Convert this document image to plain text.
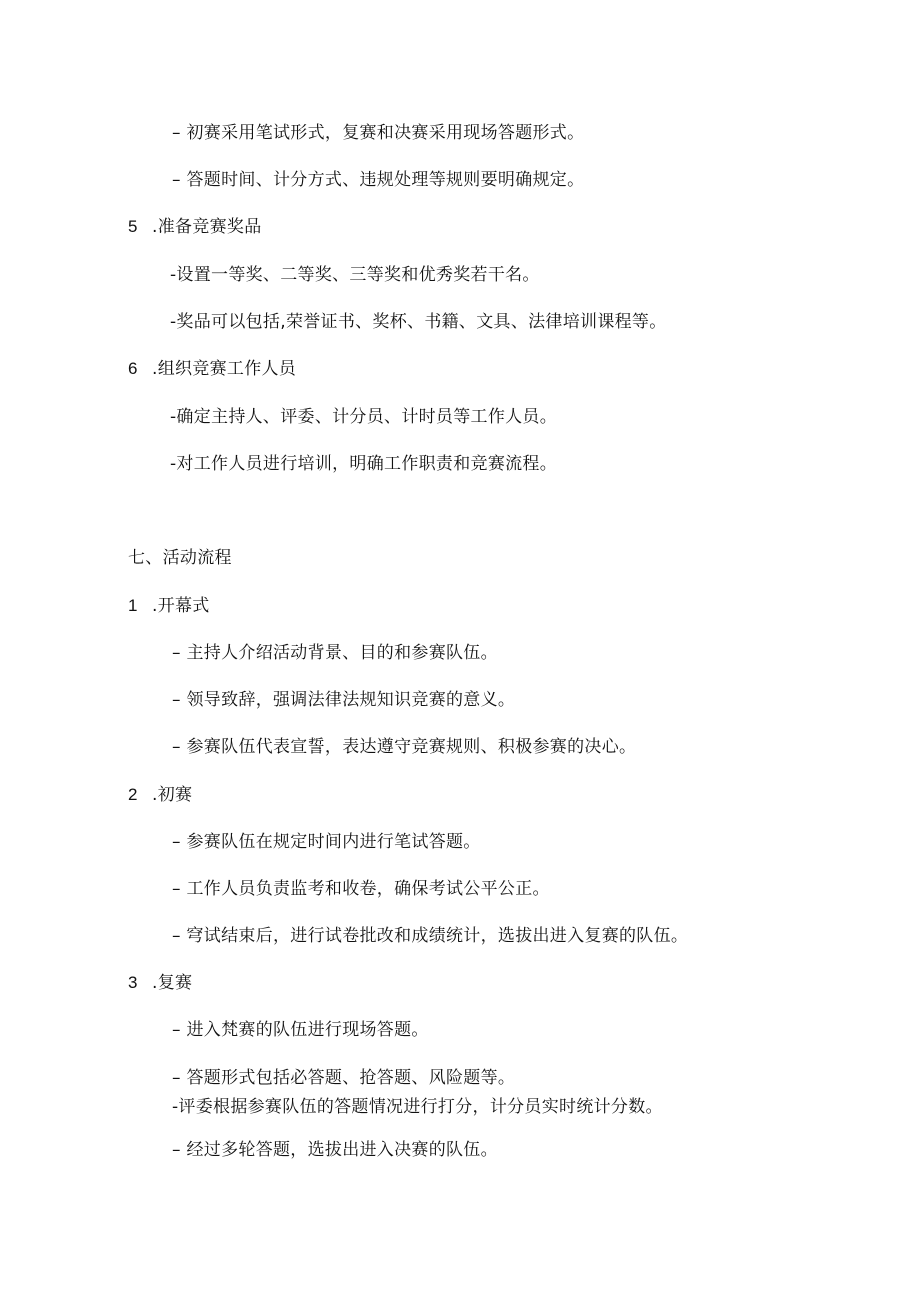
– 初赛采用笔试形式，复赛和决赛采用现场答题形式。
– 答题时间、计分方式、违规处理等规则要明确规定。
5 .准备竞赛奖品
-设置一等奖、二等奖、三等奖和优秀奖若干名。
-奖品可以包括,荣誉证书、奖杯、书籍、文具、法律培训课程等。
6 .组织竞赛工作人员
-确定主持人、评委、计分员、计时员等工作人员。
-对工作人员进行培训，明确工作职责和竞赛流程。
七、活动流程
1 .开幕式
– 主持人介绍活动背景、目的和参赛队伍。
– 领导致辞，强调法律法规知识竞赛的意义。
– 参赛队伍代表宣誓，表达遵守竞赛规则、积极参赛的决心。
2 .初赛
– 参赛队伍在规定时间内进行笔试答题。
– 工作人员负责监考和收卷，确保考试公平公正。
– 穹试结束后，进行试卷批改和成绩统计，选拔出进入复赛的队伍。
3 .复赛
– 进入梵赛的队伍进行现场答题。
– 答题形式包括必答题、抢答题、风险题等。
-评委根据参赛队伍的答题情况进行打分，计分员实时统计分数。
– 经过多轮答题，选拔出进入决赛的队伍。
